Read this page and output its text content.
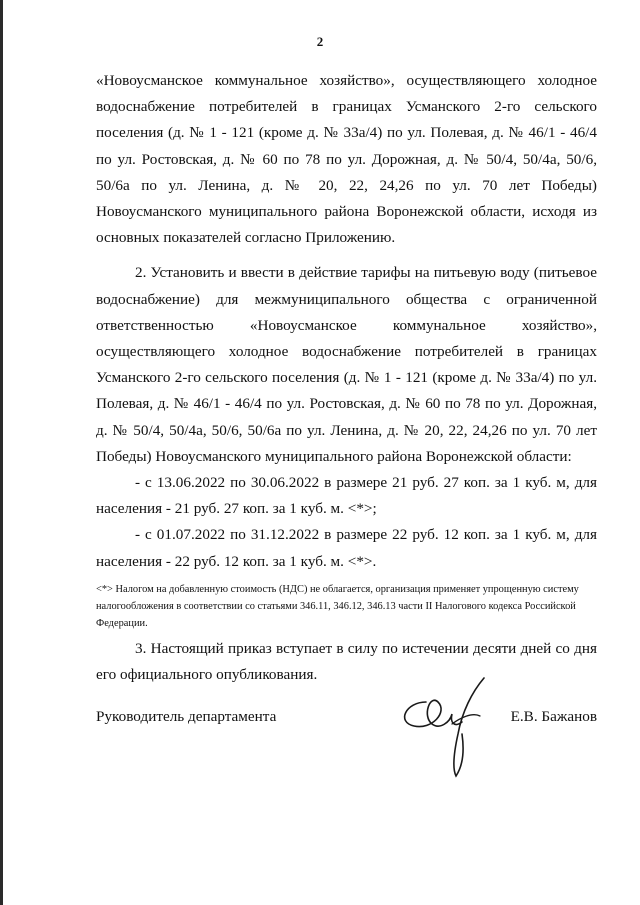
2

«Новоусманское коммунальное хозяйство», осуществляющего холодное водоснабжение потребителей в границах Усманского 2-го сельского поселения (д. № 1 - 121 (кроме д. № 33а/4) по ул. Полевая, д. № 46/1 - 46/4 по ул. Ростовская, д. № 60 по 78 по ул. Дорожная, д. № 50/4, 50/4а, 50/6, 50/6а по ул. Ленина, д. № 20, 22, 24,26 по ул. 70 лет Победы) Новоусманского муниципального района Воронежской области, исходя из основных показателей согласно Приложению.

2. Установить и ввести в действие тарифы на питьевую воду (питьевое водоснабжение) для межмуниципального общества с ограниченной ответственностью «Новоусманское коммунальное хозяйство», осуществляющего холодное водоснабжение потребителей в границах Усманского 2-го сельского поселения (д. № 1 - 121 (кроме д. № 33а/4) по ул. Полевая, д. № 46/1 - 46/4 по ул. Ростовская, д. № 60 по 78 по ул. Дорожная, д. № 50/4, 50/4а, 50/6, 50/6а по ул. Ленина, д. № 20, 22, 24,26 по ул. 70 лет Победы) Новоусманского муниципального района Воронежской области:

- с 13.06.2022 по 30.06.2022 в размере 21 руб. 27 коп. за 1 куб. м, для населения - 21 руб. 27 коп. за 1 куб. м. <*>;

- с 01.07.2022 по 31.12.2022 в размере 22 руб. 12 коп. за 1 куб. м, для населения - 22 руб. 12 коп. за 1 куб. м. <*>.

<*> Налогом на добавленную стоимость (НДС) не облагается, организация применяет упрощенную систему налогообложения в соответствии со статьями 346.11, 346.12, 346.13 части II Налогового кодекса Российской Федерации.

3. Настоящий приказ вступает в силу по истечении десяти дней со дня его официального опубликования.

Руководитель департамента	Е.В. Бажанов
